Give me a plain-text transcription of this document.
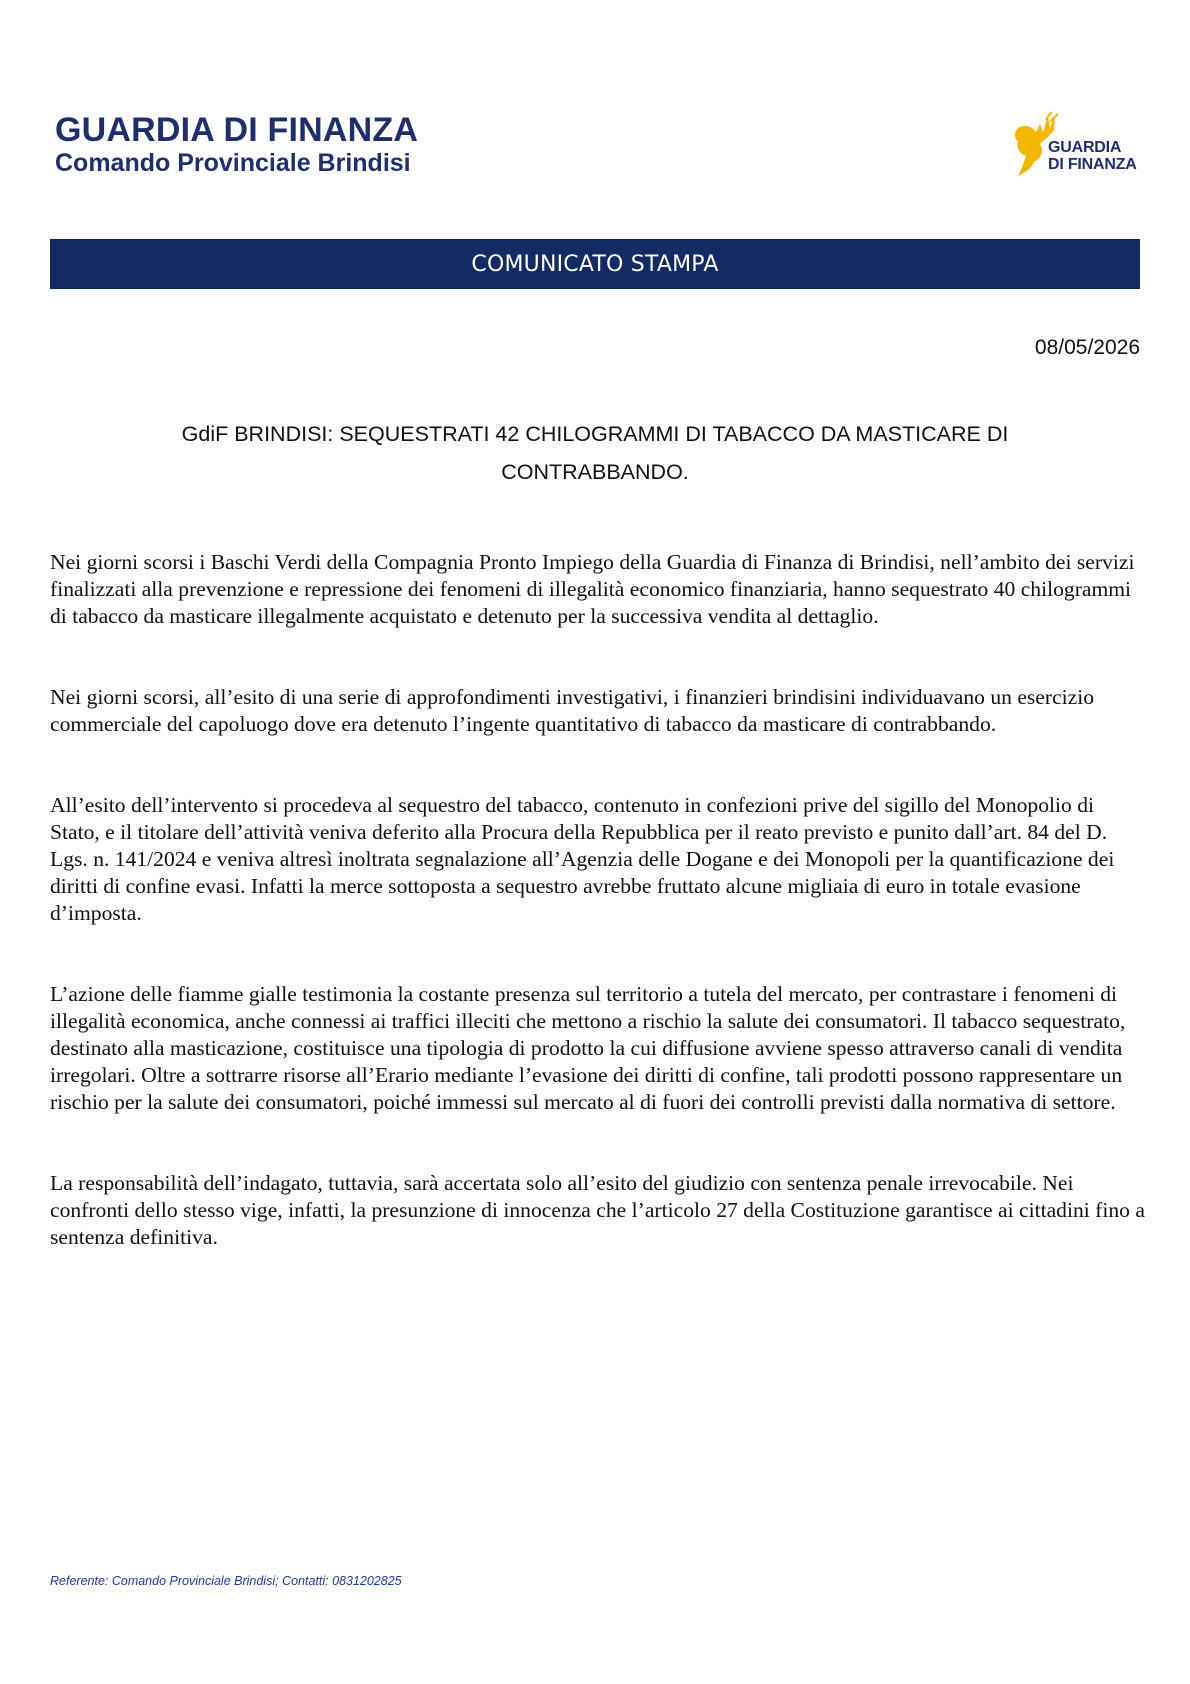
GUARDIA DI FINANZA
Comando Provinciale Brindisi
GUARDIA
DI FINANZA
COMUNICATO STAMPA
08/05/2026

GdiF BRINDISI: SEQUESTRATI 42 CHILOGRAMMI DI TABACCO DA MASTICARE DI CONTRABBANDO.

Nei giorni scorsi i Baschi Verdi della Compagnia Pronto Impiego della Guardia di Finanza di Brindisi, nell’ambito dei servizi finalizzati alla prevenzione e repressione dei fenomeni di illegalità economico finanziaria, hanno sequestrato 40 chilogrammi di tabacco da masticare illegalmente acquistato e detenuto per la successiva vendita al dettaglio.

Nei giorni scorsi, all’esito di una serie di approfondimenti investigativi, i finanzieri brindisini individuavano un esercizio commerciale del capoluogo dove era detenuto l’ingente quantitativo di tabacco da masticare di contrabbando.

All’esito dell’intervento si procedeva al sequestro del tabacco, contenuto in confezioni prive del sigillo del Monopolio di Stato, e il titolare dell’attività veniva deferito alla Procura della Repubblica per il reato previsto e punito dall’art. 84 del D. Lgs. n. 141/2024 e veniva altresì inoltrata segnalazione all’Agenzia delle Dogane e dei Monopoli per la quantificazione dei diritti di confine evasi. Infatti la merce sottoposta a sequestro avrebbe fruttato alcune migliaia di euro in totale evasione d’imposta.

L’azione delle fiamme gialle testimonia la costante presenza sul territorio a tutela del mercato, per contrastare i fenomeni di illegalità economica, anche connessi ai traffici illeciti che mettono a rischio la salute dei consumatori. Il tabacco sequestrato, destinato alla masticazione, costituisce una tipologia di prodotto la cui diffusione avviene spesso attraverso canali di vendita irregolari. Oltre a sottrarre risorse all’Erario mediante l’evasione dei diritti di confine, tali prodotti possono rappresentare un rischio per la salute dei consumatori, poiché immessi sul mercato al di fuori dei controlli previsti dalla normativa di settore.

La responsabilità dell’indagato, tuttavia, sarà accertata solo all’esito del giudizio con sentenza penale irrevocabile. Nei confronti dello stesso vige, infatti, la presunzione di innocenza che l’articolo 27 della Costituzione garantisce ai cittadini fino a sentenza definitiva.

Referente: Comando Provinciale Brindisi; Contatti: 0831202825
